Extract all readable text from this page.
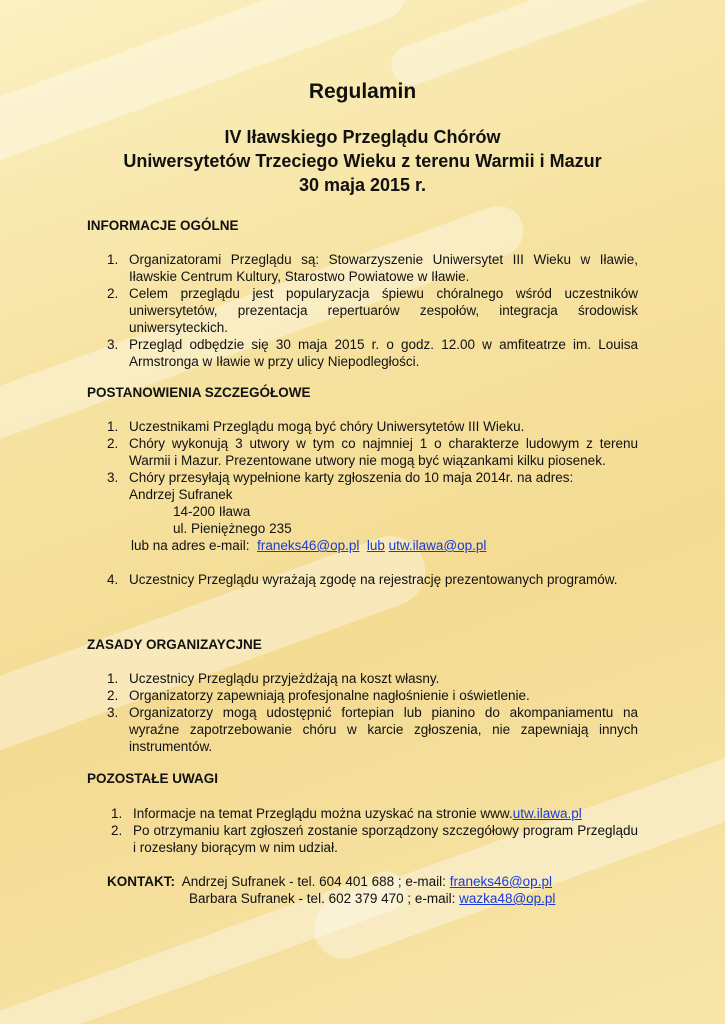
Regulamin
IV Iławskiego Przeglądu Chórów
Uniwersytetów Trzeciego Wieku z terenu Warmii i Mazur
30 maja 2015 r.
INFORMACJE OGÓLNE
1. Organizatorami Przeglądu są: Stowarzyszenie Uniwersytet III Wieku w Iławie, Iławskie Centrum Kultury, Starostwo Powiatowe w Iławie.
2. Celem przeglądu jest popularyzacja śpiewu chóralnego wśród uczestników uniwersytetów, prezentacja repertuarów zespołów, integracja środowisk uniwersyteckich.
3. Przegląd odbędzie się 30 maja 2015 r. o godz. 12.00 w amfiteatrze im. Louisa Armstronga w Iławie w przy ulicy Niepodległości.
POSTANOWIENIA SZCZEGÓŁOWE
1. Uczestnikami Przeglądu mogą być chóry Uniwersytetów III Wieku.
2. Chóry wykonują 3 utwory w tym co najmniej 1 o charakterze ludowym z terenu Warmii i Mazur. Prezentowane utwory nie mogą być wiązankami kilku piosenek.
3. Chóry przesyłają wypełnione karty zgłoszenia do 10 maja 2014r. na adres:
Andrzej Sufranek
14-200 Iława
ul. Pieniężnego 235
lub na adres e-mail: franeks46@op.pl lub utw.ilawa@op.pl
4. Uczestnicy Przeglądu wyrażają zgodę na rejestrację prezentowanych programów.
ZASADY ORGANIZAYCJNE
1. Uczestnicy Przeglądu przyjeżdżają na koszt własny.
2. Organizatorzy zapewniają profesjonalne nagłośnienie i oświetlenie.
3. Organizatorzy mogą udostępnić fortepian lub pianino do akompaniamentu na wyraźne zapotrzebowanie chóru w karcie zgłoszenia, nie zapewniają innych instrumentów.
POZOSTAŁE UWAGI
1. Informacje na temat Przeglądu można uzyskać na stronie www.utw.ilawa.pl
2. Po otrzymaniu kart zgłoszeń zostanie sporządzony szczegółowy program Przeglądu i rozesłany biorącym w nim udział.
KONTAKT: Andrzej Sufranek - tel. 604 401 688 ; e-mail: franeks46@op.pl
Barbara Sufranek - tel. 602 379 470 ; e-mail: wazka48@op.pl
